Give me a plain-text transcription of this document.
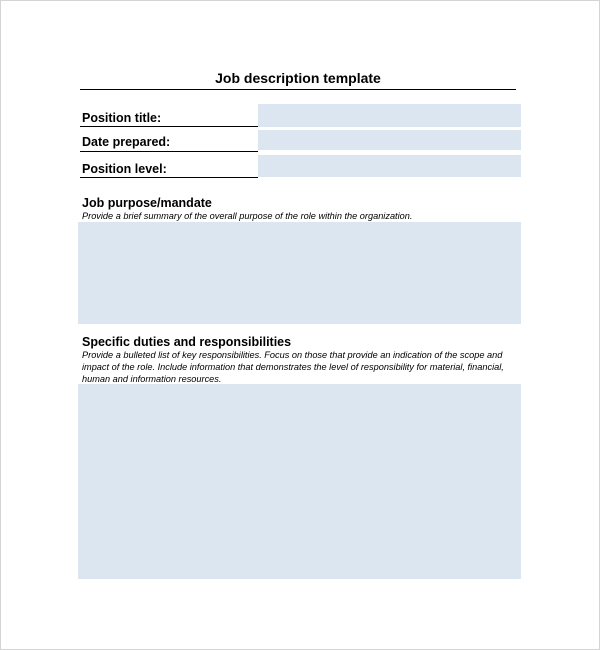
Job description template
Position title:
Date prepared:
Position level:
Job purpose/mandate
Provide a brief summary of the overall purpose of the role within the organization.
Specific duties and responsibilities
Provide a bulleted list of key responsibilities. Focus on those that provide an indication of the scope and impact of the role. Include information that demonstrates the level of responsibility for material, financial, human and information resources.
